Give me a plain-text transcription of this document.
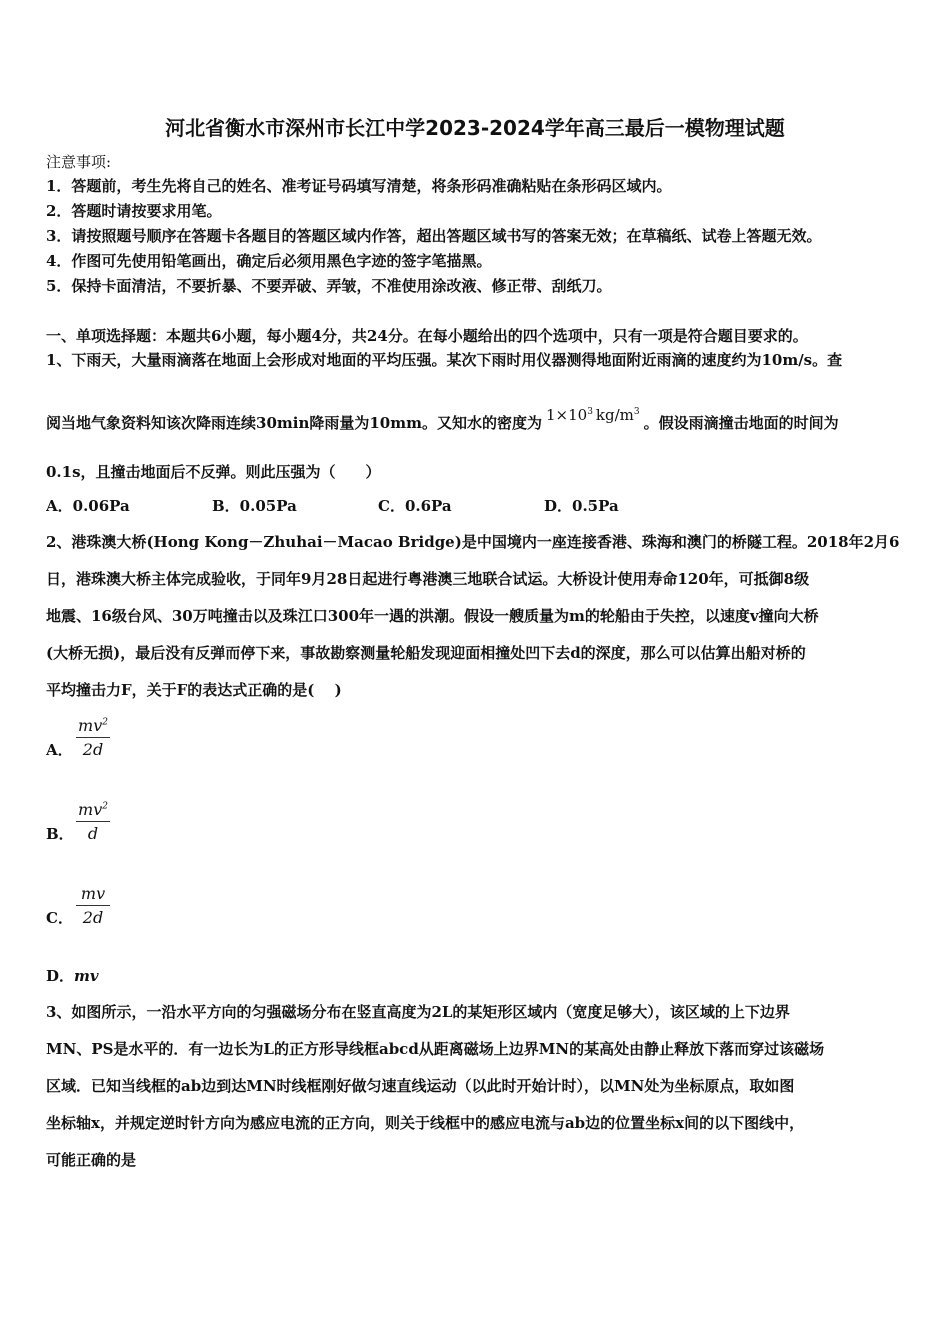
河北省衡水市深州市长江中学2023-2024学年高三最后一模物理试题
注意事项:
1．答题前，考生先将自己的姓名、准考证号码填写清楚，将条形码准确粘贴在条形码区域内。
2．答题时请按要求用笔。
3．请按照题号顺序在答题卡各题目的答题区域内作答，超出答题区域书写的答案无效；在草稿纸、试卷上答题无效。
4．作图可先使用铅笔画出，确定后必须用黑色字迹的签字笔描黑。
5．保持卡面清洁，不要折暴、不要弄破、弄皱，不准使用涂改液、修正带、刮纸刀。
一、单项选择题：本题共6小题，每小题4分，共24分。在每小题给出的四个选项中，只有一项是符合题目要求的。
1、下雨天，大量雨滴落在地面上会形成对地面的平均压强。某次下雨时用仪器测得地面附近雨滴的速度约为10m/s。查
阅当地气象资料知该次降雨连续30min降雨量为10mm。又知水的密度为 $1\times 10^3$ $kg/m^3$。假设雨滴撞击地面的时间为
0.1s，且撞击地面后不反弹。则此压强为（　　）
A．0.06Pa	B．0.05Pa	C．0.6Pa	D．0.5Pa
2、港珠澳大桥(Hong Kong－Zhuhai－Macao Bridge)是中国境内一座连接香港、珠海和澳门的桥隧工程。2018年2月6
日，港珠澳大桥主体完成验收，于同年9月28日起进行粤港澳三地联合试运。大桥设计使用寿命120年，可抵御8级
地震、16级台风、30万吨撞击以及珠江口300年一遇的洪潮。假设一艘质量为m的轮船由于失控，以速度v撞向大桥
(大桥无损)，最后没有反弹而停下来，事故勘察测量轮船发现迎面相撞处凹下去d的深度，那么可以估算出船对桥的
平均撞击力F，关于F的表达式正确的是(　 )
A． $\frac{mv^2}{2d}$
B． $\frac{mv^2}{d}$
C． $\frac{mv}{2d}$
D．mv
3、如图所示，一沿水平方向的匀强磁场分布在竖直高度为2L的某矩形区域内（宽度足够大），该区域的上下边界
MN、PS是水平的．有一边长为L的正方形导线框abcd从距离磁场上边界MN的某高处由静止释放下落而穿过该磁场
区域．已知当线框的ab边到达MN时线框刚好做匀速直线运动（以此时开始计时），以MN处为坐标原点，取如图
坐标轴x，并规定逆时针方向为感应电流的正方向，则关于线框中的感应电流与ab边的位置坐标x间的以下图线中，
可能正确的是
